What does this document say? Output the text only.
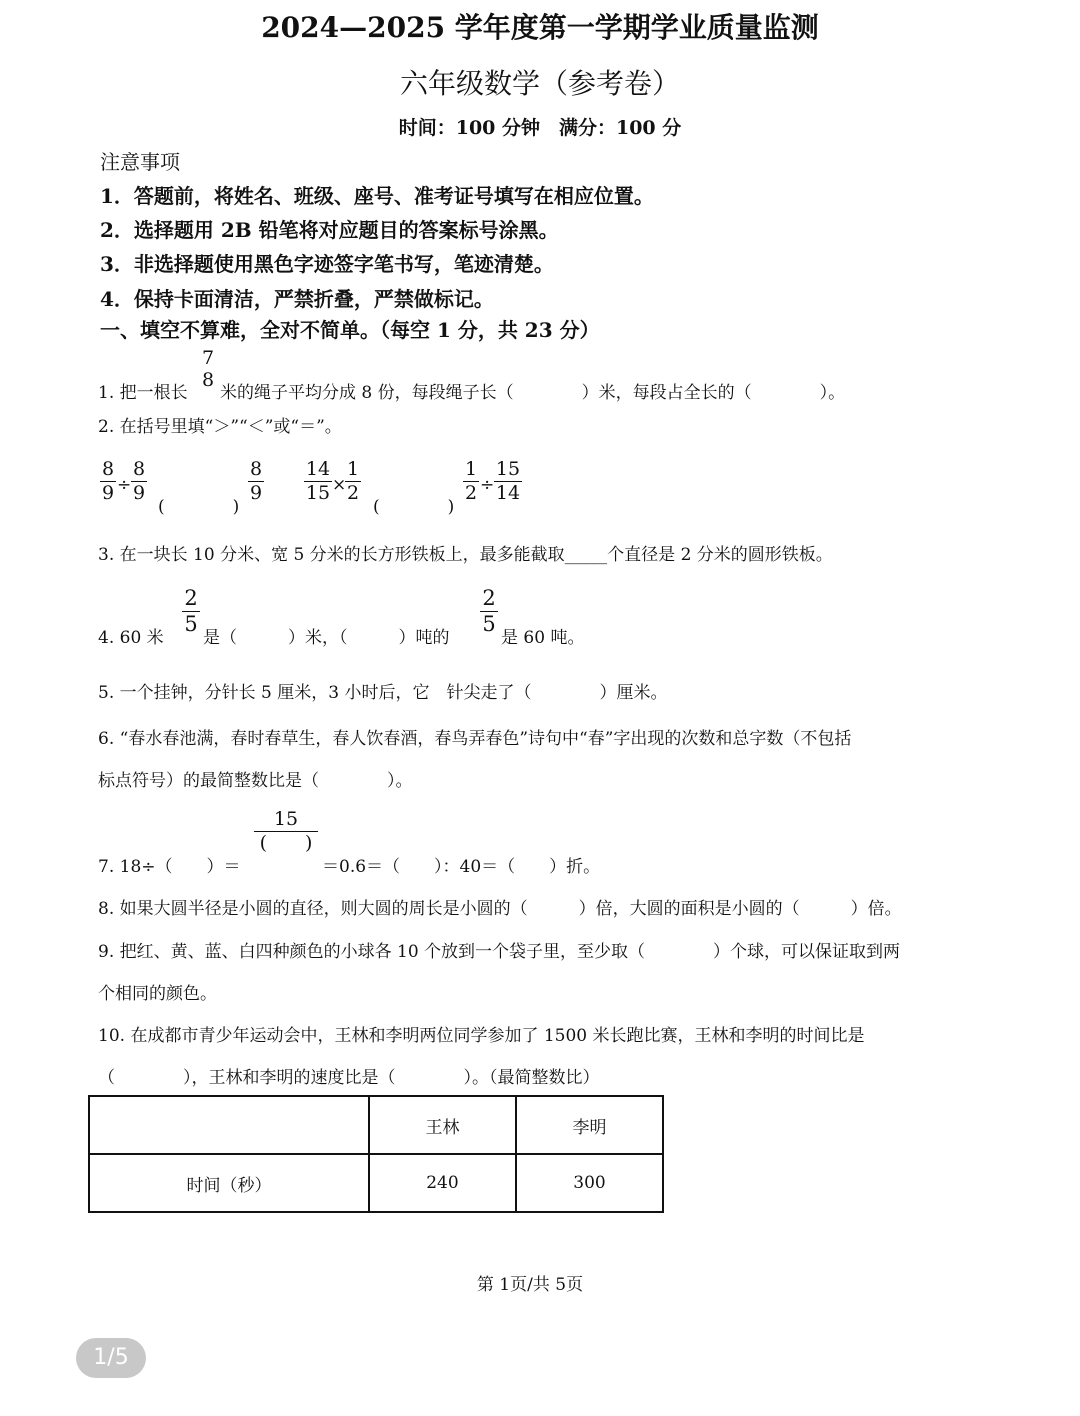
2024—2025 学年度第一学期学业质量监测
六年级数学（参考卷）
时间：100 分钟　满分：100 分
注意事项
1．答题前，将姓名、班级、座号、准考证号填写在相应位置。
2．选择题用 2B 铅笔将对应题目的答案标号涂黑。
3．非选择题使用黑色字迹签字笔书写，笔迹清楚。
4．保持卡面清洁，严禁折叠，严禁做标记。
一、填空不算难，全对不简单。（每空 1 分，共 23 分）
1. 把一根长
7
8
米的绳子平均分成 8 份，每段绳子长（　　　　）米，每段占全长的（　　　　）。
2. 在括号里填“＞”“＜”或“＝”。
8
9 ÷
8
9
(　　　　)
8
9
14
15 ×
1
2
(　　　　)
1
2 ÷
15
14
3. 在一块长 10 分米、宽 5 分米的长方形铁板上，最多能截取_____个直径是 2 分米的圆形铁板。
4. 60 米
2
5
是（　　　）米，（　　　）吨的
2
5
是 60 吨。
5. 一个挂钟，分针长 5 厘米，3 小时后，它　针尖走了（　　　　）厘米。
6. “春水春池满，春时春草生，春人饮春酒，春鸟弄春色”诗句中“春”字出现的次数和总字数（不包括
标点符号）的最简整数比是（　　　　）。
7. 18÷（　　）＝
15
(　　)
＝0.6＝（　　）：40＝（　　）折。
8. 如果大圆半径是小圆的直径，则大圆的周长是小圆的（　　　）倍，大圆的面积是小圆的（　　　）倍。
9. 把红、黄、蓝、白四种颜色的小球各 10 个放到一个袋子里，至少取（　　　　）个球，可以保证取到两
个相同的颜色。
10. 在成都市青少年运动会中，王林和李明两位同学参加了 1500 米长跑比赛，王林和李明的时间比是
（　　　　），王林和李明的速度比是（　　　　）。（最简整数比）
	王林	李明
时间（秒）	240	300
第 1页/共 5页
1/5
